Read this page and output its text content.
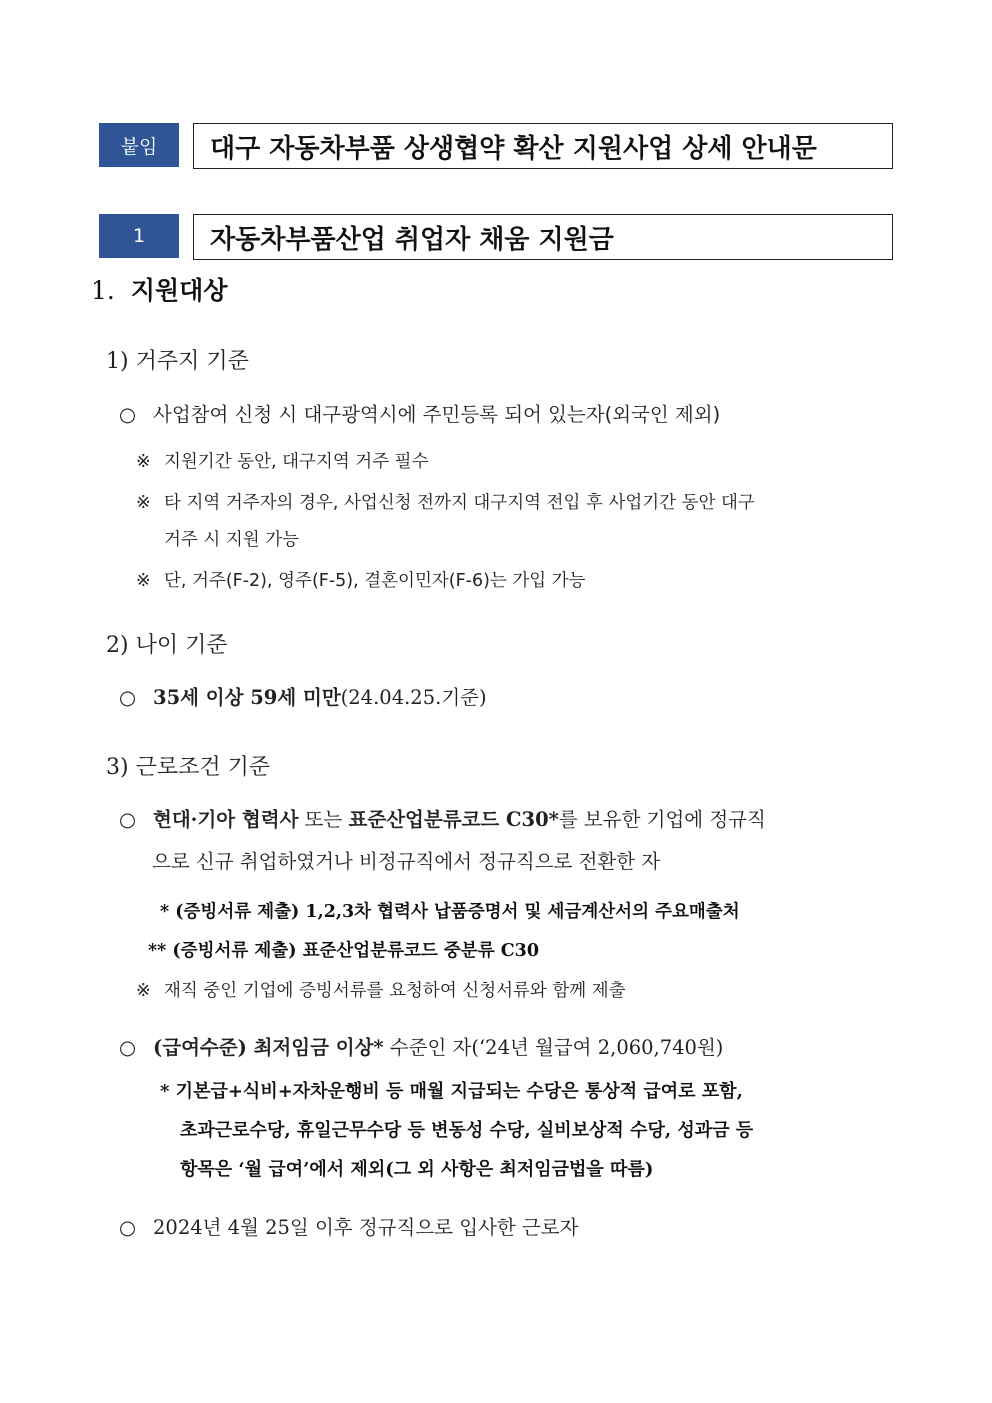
붙임 대구 자동차부품 상생협약 확산 지원사업 상세 안내문
1 자동차부품산업 취업자 채움 지원금
1. 지원대상
1) 거주지 기준
○ 사업참여 신청 시 대구광역시에 주민등록 되어 있는자(외국인 제외)
※ 지원기간 동안, 대구지역 거주 필수
※ 타 지역 거주자의 경우, 사업신청 전까지 대구지역 전입 후 사업기간 동안 대구
거주 시 지원 가능
※ 단, 거주(F-2), 영주(F-5), 결혼이민자(F-6)는 가입 가능
2) 나이 기준
○ 35세 이상 59세 미만(24.04.25.기준)
3) 근로조건 기준
○ 현대·기아 협력사 또는 표준산업분류코드 C30*를 보유한 기업에 정규직
으로 신규 취업하였거나 비정규직에서 정규직으로 전환한 자
* (증빙서류 제출) 1,2,3차 협력사 납품증명서 및 세금계산서의 주요매출처
** (증빙서류 제출) 표준산업분류코드 중분류 C30
※ 재직 중인 기업에 증빙서류를 요청하여 신청서류와 함께 제출
○ (급여수준) 최저임금 이상* 수준인 자(‘24년 월급여 2,060,740원)
* 기본급+식비+자차운행비 등 매월 지급되는 수당은 통상적 급여로 포함,
초과근로수당, 휴일근무수당 등 변동성 수당, 실비보상적 수당, 성과금 등
항목은 ‘월 급여’에서 제외(그 외 사항은 최저임금법을 따름)
○ 2024년 4월 25일 이후 정규직으로 입사한 근로자
